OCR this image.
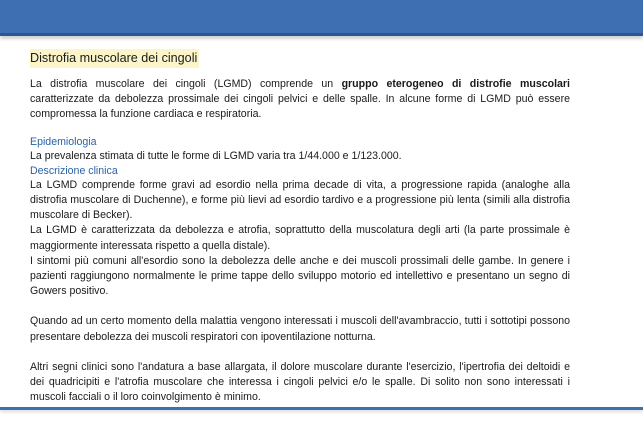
Distrofia muscolare dei cingoli

La distrofia muscolare dei cingoli (LGMD) comprende un gruppo eterogeneo di distrofie muscolari caratterizzate da debolezza prossimale dei cingoli pelvici e delle spalle. In alcune forme di LGMD può essere compromessa la funzione cardiaca e respiratoria.

Epidemiologia

La prevalenza stimata di tutte le forme di LGMD varia tra 1/44.000 e 1/123.000.

Descrizione clinica

La LGMD comprende forme gravi ad esordio nella prima decade di vita, a progressione rapida (analoghe alla distrofia muscolare di Duchenne), e forme più lievi ad esordio tardivo e a progressione più lenta (simili alla distrofia muscolare di Becker).

La LGMD è caratterizzata da debolezza e atrofia, soprattutto della muscolatura degli arti (la parte prossimale è maggiormente interessata rispetto a quella distale).

I sintomi più comuni all'esordio sono la debolezza delle anche e dei muscoli prossimali delle gambe. In genere i pazienti raggiungono normalmente le prime tappe dello sviluppo motorio ed intellettivo e presentano un segno di Gowers positivo.

Quando ad un certo momento della malattia vengono interessati i muscoli dell'avambraccio, tutti i sottotipi possono presentare debolezza dei muscoli respiratori con ipoventilazione notturna.

Altri segni clinici sono l'andatura a base allargata, il dolore muscolare durante l'esercizio, l'ipertrofia dei deltoidi e dei quadricipiti e l'atrofia muscolare che interessa i cingoli pelvici e/o le spalle. Di solito non sono interessati i muscoli facciali o il loro coinvolgimento è minimo.
